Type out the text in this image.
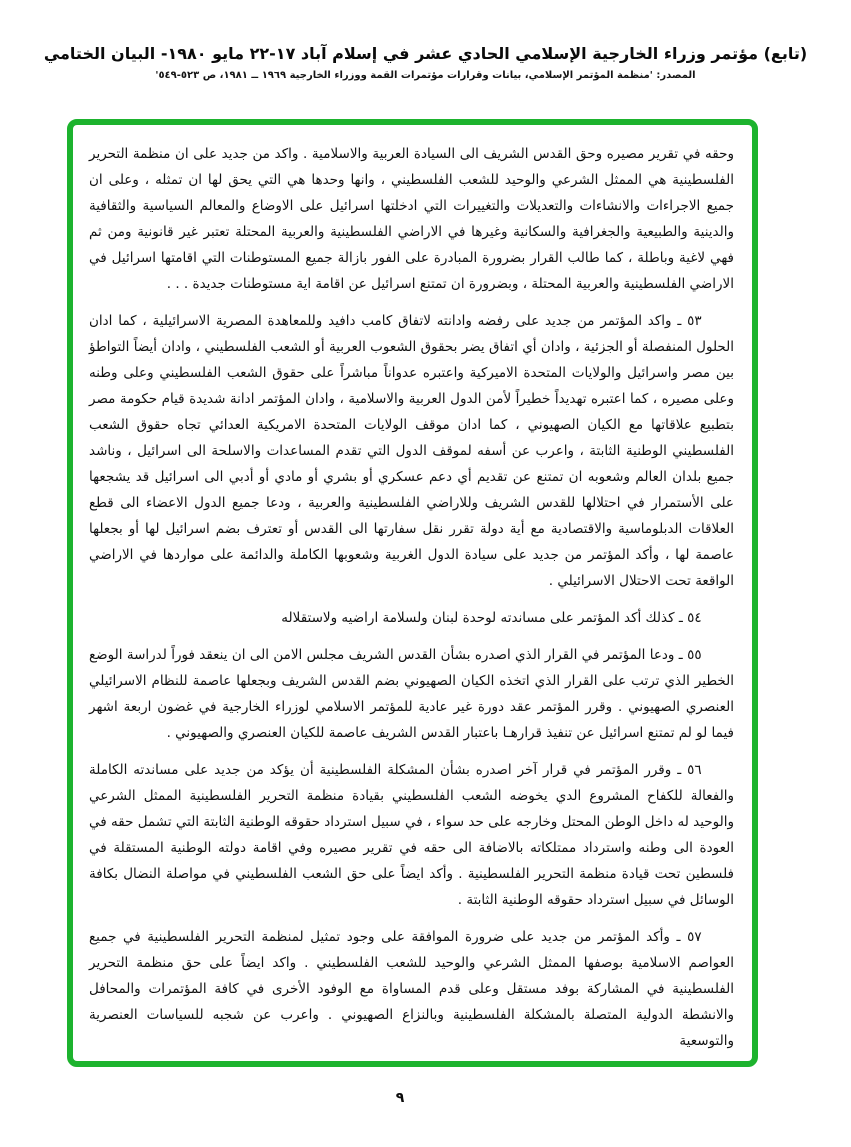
(تابع) مؤتمر وزراء الخارجية الإسلامي الحادي عشر في إسلام آباد ١٧-٢٢ مايو ١٩٨٠- البيان الختامي
المصدر: 'منظمة المؤتمر الإسلامي، بيانات وقرارات مؤتمرات القمة ووزراء الخارجية ١٩٦٩ ــ ١٩٨١، ص ٥٢٣-٥٤٩'

وحقه في تقرير مصيره وحق القدس الشريف الى السيادة العربية والاسلامية . واكد من جديد على ان منظمة التحرير الفلسطينية هي الممثل الشرعي والوحيد للشعب الفلسطيني ، وانها وحدها هي التي يحق لها ان تمثله ، وعلى ان جميع الاجراءات والانشاءات والتعديلات والتغييرات التي ادخلتها اسرائيل على الاوضاع والمعالم السياسية والثقافية والدينية والطبيعية والجغرافية والسكانية وغيرها في الاراضي الفلسطينية والعربية المحتلة تعتبر غير قانونية ومن ثم فهي لاغية وباطلة ، كما طالب القرار بضرورة المبادرة على الفور بازالة جميع المستوطنات التي اقامتها اسرائيل في الاراضي الفلسطينية والعربية المحتلة ، وبضرورة ان تمتنع اسرائيل عن اقامة اية مستوطنات جديدة . . .

٥٣ ـ واكد المؤتمر من جديد على رفضه وادانته لاتفاق كامب دافيد وللمعاهدة المصرية الاسرائيلية ، كما ادان الحلول المنفصلة أو الجزئية ، وادان أي اتفاق يضر بحقوق الشعوب العربية أو الشعب الفلسطيني ، وادان أيضاً التواطؤ بين مصر واسرائيل والولايات المتحدة الاميركية واعتبره عدواناً مباشراً على حقوق الشعب الفلسطيني وعلى وطنه وعلى مصيره ، كما اعتبره تهديداً خطيراً لأمن الدول العربية والاسلامية ، وادان المؤتمر ادانة شديدة قيام حكومة مصر بتطبيع علاقاتها مع الكيان الصهيوني ، كما ادان موقف الولايات المتحدة الامريكية العدائي تجاه حقوق الشعب الفلسطيني الوطنية الثابتة ، واعرب عن أسفه لموقف الدول التي تقدم المساعدات والاسلحة الى اسرائيل ، وناشد جميع بلدان العالم وشعوبه ان تمتنع عن تقديم أي دعم عسكري أو بشري أو مادي أو أدبي الى اسرائيل قد يشجعها على الأستمرار في احتلالها للقدس الشريف وللاراضي الفلسطينية والعربية ، ودعا جميع الدول الاعضاء الى قطع العلاقات الدبلوماسية والاقتصادية مع أية دولة تقرر نقل سفارتها الى القدس أو تعترف بضم اسرائيل لها أو بجعلها عاصمة لها ، وأكد المؤتمر من جديد على سيادة الدول الغربية وشعوبها الكاملة والدائمة على مواردها في الاراضي الواقعة تحت الاحتلال الاسرائيلي .

٥٤ ـ كذلك أكد المؤتمر على مساندته لوحدة لبنان ولسلامة اراضيه ولاستقلاله

٥٥ ـ ودعا المؤتمر في القرار الذي اصدره بشأن القدس الشريف مجلس الامن الى ان ينعقد فوراً لدراسة الوضع الخطير الذي ترتب على القرار الذي اتخذه الكيان الصهيوني بضم القدس الشريف وبجعلها عاصمة للنظام الاسرائيلي العنصري الصهيوني . وقرر المؤتمر عقد دورة غير عادية للمؤتمر الاسلامي لوزراء الخارجية في غضون اربعة اشهر فيما لو لم تمتنع اسرائيل عن تنفيذ قرارهـا باعتبار القدس الشريف عاصمة للكيان العنصري والصهيوني .

٥٦ ـ وقرر المؤتمر في قرار آخر اصدره بشأن المشكلة الفلسطينية أن يؤكد من جديد على مساندته الكاملة والفعالة للكفاح المشروع الدي يخوضه الشعب الفلسطيني بقيادة منظمة التحرير الفلسطينية الممثل الشرعي والوحيد له داخل الوطن المحتل وخارجه على حد سواء ، في سبيل استرداد حقوقه الوطنية الثابتة التي تشمل حقه في العودة الى وطنه واسترداد ممتلكاته بالاضافة الى حقه في تقرير مصيره وفي اقامة دولته الوطنية المستقلة في فلسطين تحت قيادة منظمة التحرير الفلسطينية . وأكد ايضاً على حق الشعب الفلسطيني في مواصلة النضال بكافة الوسائل في سبيل استرداد حقوقه الوطنية الثابتة .

٥٧ ـ وأكد المؤتمر من جديد على ضرورة الموافقة على وجود تمثيل لمنظمة التحرير الفلسطينية في جميع العواصم الاسلامية بوصفها الممثل الشرعي والوحيد للشعب الفلسطيني . واكد ايضاً على حق منظمة التحرير الفلسطينية في المشاركة بوفد مستقل وعلى قدم المساواة مع الوفود الأخرى في كافة المؤتمرات والمحافل والانشطة الدولية المتصلة بالمشكلة الفلسطينية وبالنزاع الصهيوني . واعرب عن شجبه للسياسات العنصرية والتوسعية

٩
